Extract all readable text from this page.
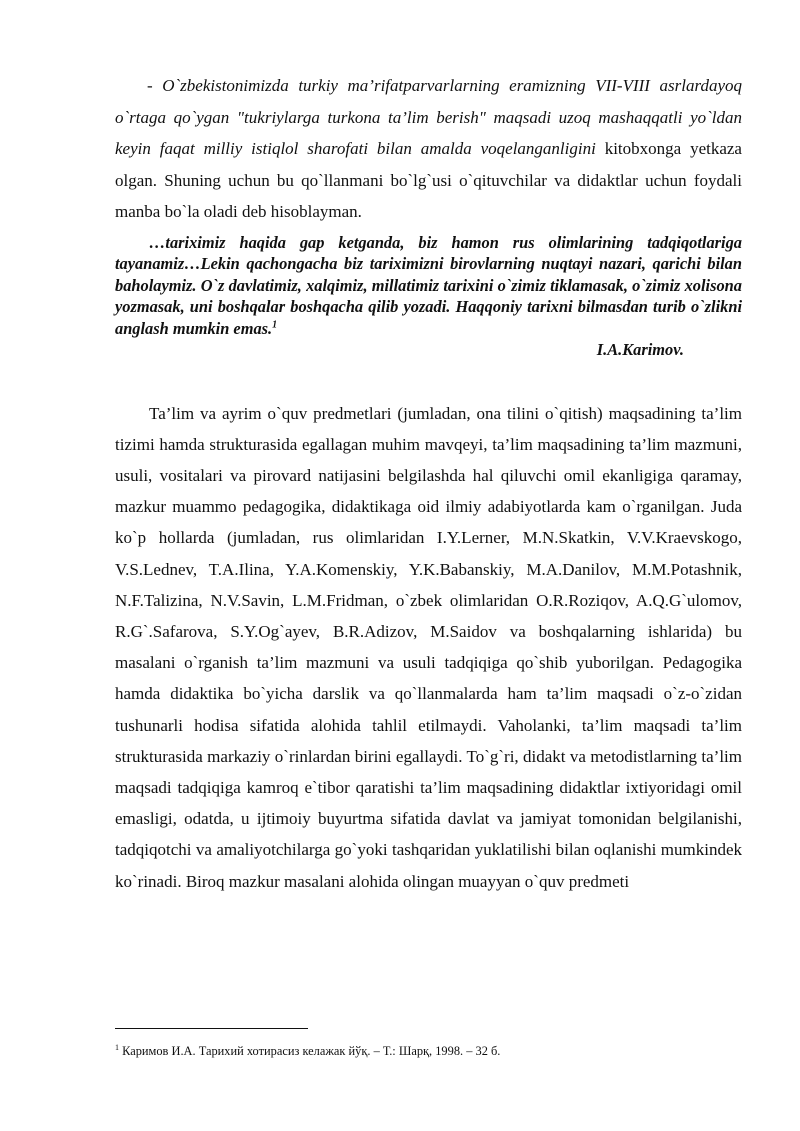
- O`zbekistonimizda turkiy ma’rifatparvarlarning eramizning VII-VIII asrlardayoq o`rtaga qo`ygan "tukriylarga turkona ta’lim berish" maqsadi uzoq mashaqqatli yo`ldan keyin faqat milliy istiqlol sharofati bilan amalda voqelanganligini kitobxonga yetkaza olgan. Shuning uchun bu qo`llanmani bo`lg`usi o`qituvchilar va didaktlar uchun foydali manba bo`la oladi deb hisoblayman.

…tariximiz haqida gap ketganda, biz hamon rus olimlarining tadqiqotlariga tayanamiz…Lekin qachongacha biz tariximizni birovlarning nuqtayi nazari, qarichi bilan baholaymiz. O`z davlatimiz, xalqimiz, millatimiz tarixini o`zimiz tiklamasak, o`zimiz xolisona yozmasak, uni boshqalar boshqacha qilib yozadi. Haqqoniy tarixni bilmasdan turib o`zlikni anglash mumkin emas.$^1$

I.A.Karimov.

Ta’lim va ayrim o`quv predmetlari (jumladan, ona tilini o`qitish) maqsadining ta’lim tizimi hamda strukturasida egallagan muhim mavqeyi, ta’lim maqsadining ta’lim mazmuni, usuli, vositalari va pirovard natijasini belgilashda hal qiluvchi omil ekanligiga qaramay, mazkur muammo pedagogika, didaktikaga oid ilmiy adabiyotlarda kam o`rganilgan. Juda ko`p hollarda (jumladan, rus olimlaridan I.Y.Lerner, M.N.Skatkin, V.V.Kraevskogo, V.S.Lednev, T.A.Ilina, Y.A.Komenskiy, Y.K.Babanskiy, M.A.Danilov, M.M.Potashnik, N.F.Talizina, N.V.Savin, L.M.Fridman, o`zbek olimlaridan O.R.Roziqov, A.Q.G`ulomov, R.G`.Safarova, S.Y.Og`ayev, B.R.Adizov, M.Saidov va boshqalarning ishlarida) bu masalani o`rganish ta’lim mazmuni va usuli tadqiqiga qo`shib yuborilgan. Pedagogika hamda didaktika bo`yicha darslik va qo`llanmalarda ham ta’lim maqsadi o`z-o`zidan tushunarli hodisa sifatida alohida tahlil etilmaydi. Vaholanki, ta’lim maqsadi ta’lim strukturasida markaziy o`rinlardan birini egallaydi. To`g`ri, didakt va metodistlarning ta’lim maqsadi tadqiqiga kamroq e`tibor qaratishi ta’lim maqsadining didaktlar ixtiyoridagi omil emasligi, odatda, u ijtimoiy buyurtma sifatida davlat va jamiyat tomonidan belgilanishi, tadqiqotchi va amaliyotchilarga go`yoki tashqaridan yuklatilishi bilan oqlanishi mumkindek ko`rinadi. Biroq mazkur masalani alohida olingan muayyan o`quv predmeti

$^1$ Каримов И.А. Тарихий хотирасиз келажак йўқ. – Т.: Шарқ, 1998. – 32 б.
